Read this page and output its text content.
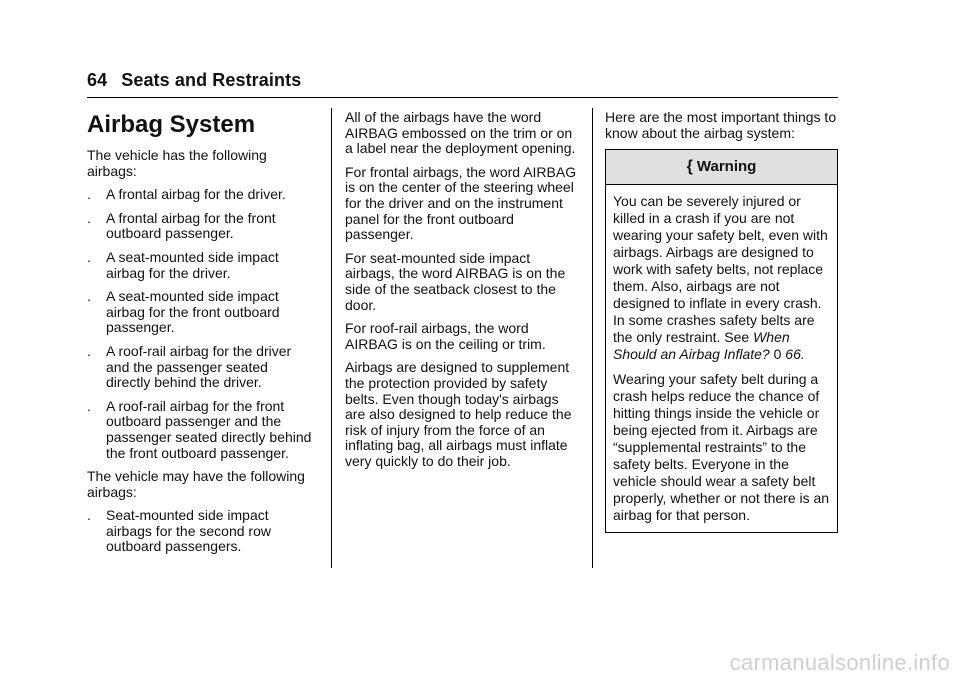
64 Seats and Restraints
Airbag System

The vehicle has the following airbags:

. A frontal airbag for the driver.
. A frontal airbag for the front outboard passenger.
. A seat-mounted side impact airbag for the driver.
. A seat-mounted side impact airbag for the front outboard passenger.
. A roof-rail airbag for the driver and the passenger seated directly behind the driver.
. A roof-rail airbag for the front outboard passenger and the passenger seated directly behind the front outboard passenger.

The vehicle may have the following airbags:

. Seat-mounted side impact airbags for the second row outboard passengers.

All of the airbags have the word AIRBAG embossed on the trim or on a label near the deployment opening.

For frontal airbags, the word AIRBAG is on the center of the steering wheel for the driver and on the instrument panel for the front outboard passenger.

For seat-mounted side impact airbags, the word AIRBAG is on the side of the seatback closest to the door.

For roof-rail airbags, the word AIRBAG is on the ceiling or trim.

Airbags are designed to supplement the protection provided by safety belts. Even though today's airbags are also designed to help reduce the risk of injury from the force of an inflating bag, all airbags must inflate very quickly to do their job.

Here are the most important things to know about the airbag system:

{ Warning

You can be severely injured or killed in a crash if you are not wearing your safety belt, even with airbags. Airbags are designed to work with safety belts, not replace them. Also, airbags are not designed to inflate in every crash. In some crashes safety belts are the only restraint. See When Should an Airbag Inflate? 0 66.

Wearing your safety belt during a crash helps reduce the chance of hitting things inside the vehicle or being ejected from it. Airbags are “supplemental restraints” to the safety belts. Everyone in the vehicle should wear a safety belt properly, whether or not there is an airbag for that person.

carmanualsonline.info
